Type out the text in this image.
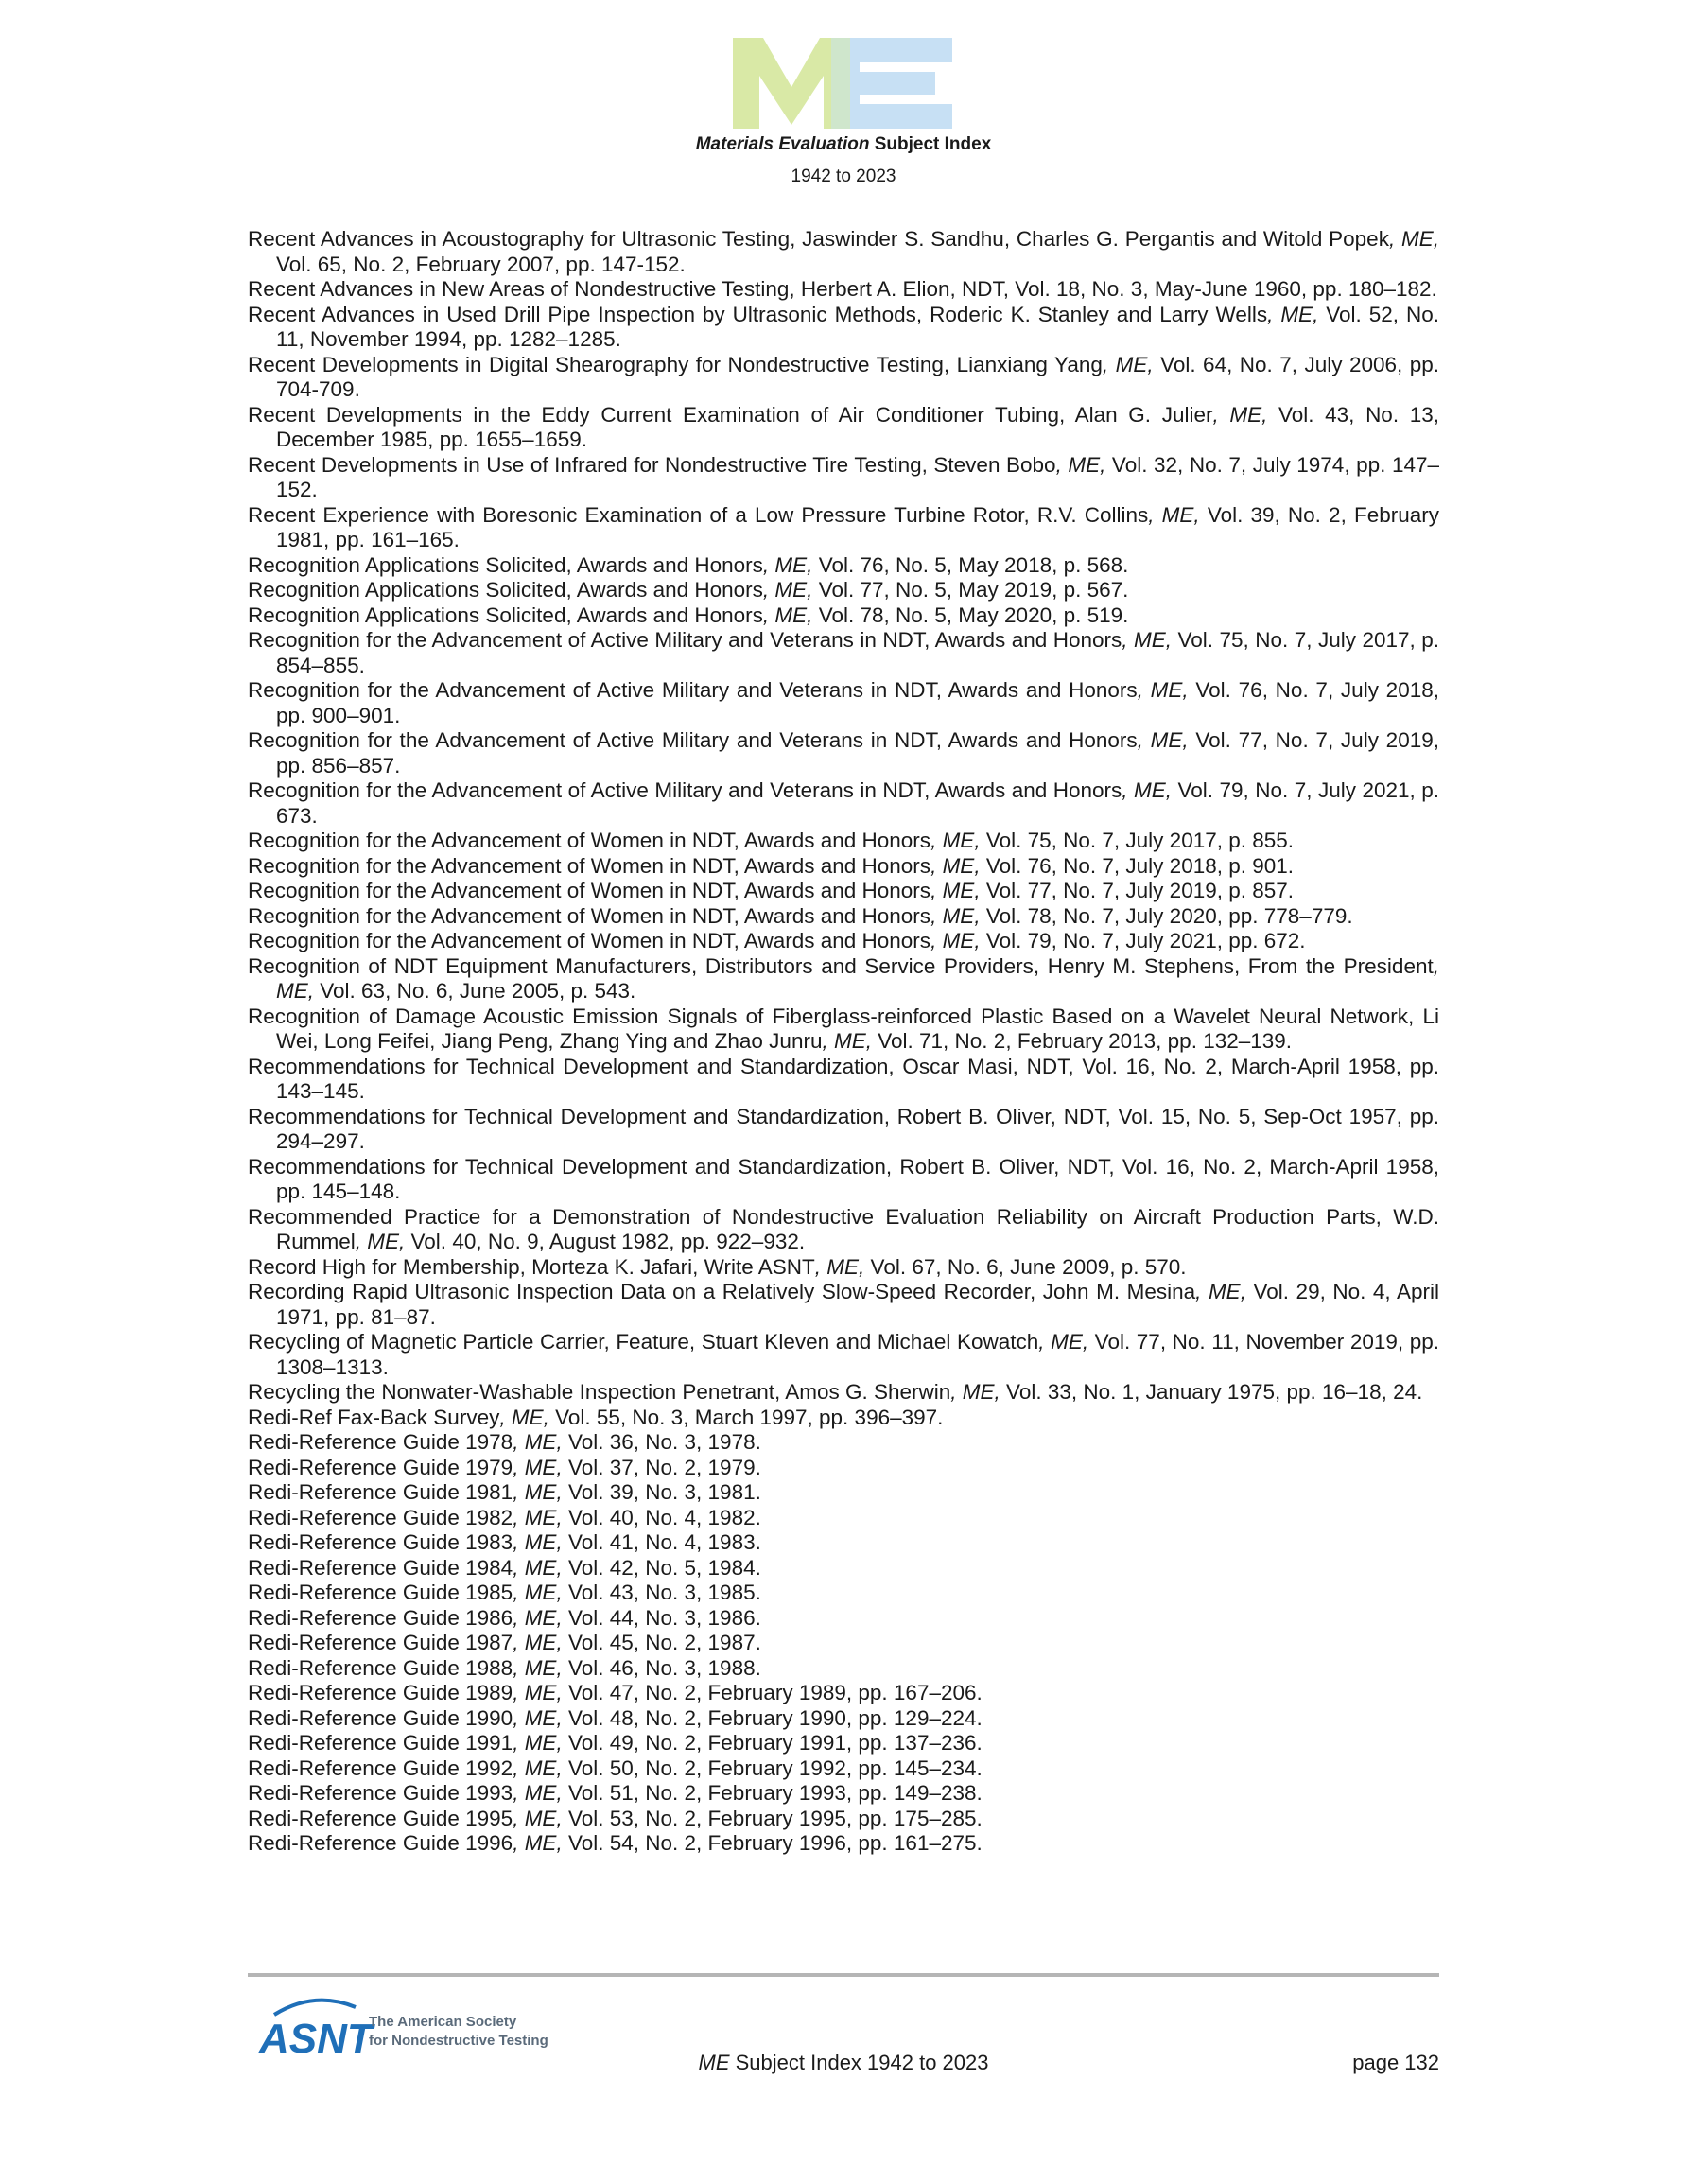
Materials Evaluation Subject Index
1942 to 2023
Recent Advances in Acoustography for Ultrasonic Testing, Jaswinder S. Sandhu, Charles G. Pergantis and Witold Popek, ME, Vol. 65, No. 2, February 2007, pp. 147-152.
Recent Advances in New Areas of Nondestructive Testing, Herbert A. Elion, NDT, Vol. 18, No. 3, May-June 1960, pp. 180–182.
Recent Advances in Used Drill Pipe Inspection by Ultrasonic Methods, Roderic K. Stanley and Larry Wells, ME, Vol. 52, No. 11, November 1994, pp. 1282–1285.
Recent Developments in Digital Shearography for Nondestructive Testing, Lianxiang Yang, ME, Vol. 64, No. 7, July 2006, pp. 704-709.
Recent Developments in the Eddy Current Examination of Air Conditioner Tubing, Alan G. Julier, ME, Vol. 43, No. 13, December 1985, pp. 1655–1659.
Recent Developments in Use of Infrared for Nondestructive Tire Testing, Steven Bobo, ME, Vol. 32, No. 7, July 1974, pp. 147–152.
Recent Experience with Boresonic Examination of a Low Pressure Turbine Rotor, R.V. Collins, ME, Vol. 39, No. 2, February 1981, pp. 161–165.
Recognition Applications Solicited, Awards and Honors, ME, Vol. 76, No. 5, May 2018, p. 568.
Recognition Applications Solicited, Awards and Honors, ME, Vol. 77, No. 5, May 2019, p. 567.
Recognition Applications Solicited, Awards and Honors, ME, Vol. 78, No. 5, May 2020, p. 519.
Recognition for the Advancement of Active Military and Veterans in NDT, Awards and Honors, ME, Vol. 75, No. 7, July 2017, p. 854–855.
Recognition for the Advancement of Active Military and Veterans in NDT, Awards and Honors, ME, Vol. 76, No. 7, July 2018, pp. 900–901.
Recognition for the Advancement of Active Military and Veterans in NDT, Awards and Honors, ME, Vol. 77, No. 7, July 2019, pp. 856–857.
Recognition for the Advancement of Active Military and Veterans in NDT, Awards and Honors, ME, Vol. 79, No. 7, July 2021, p. 673.
Recognition for the Advancement of Women in NDT, Awards and Honors, ME, Vol. 75, No. 7, July 2017, p. 855.
Recognition for the Advancement of Women in NDT, Awards and Honors, ME, Vol. 76, No. 7, July 2018, p. 901.
Recognition for the Advancement of Women in NDT, Awards and Honors, ME, Vol. 77, No. 7, July 2019, p. 857.
Recognition for the Advancement of Women in NDT, Awards and Honors, ME, Vol. 78, No. 7, July 2020, pp. 778–779.
Recognition for the Advancement of Women in NDT, Awards and Honors, ME, Vol. 79, No. 7, July 2021, pp. 672.
Recognition of NDT Equipment Manufacturers, Distributors and Service Providers, Henry M. Stephens, From the President, ME, Vol. 63, No. 6, June 2005, p. 543.
Recognition of Damage Acoustic Emission Signals of Fiberglass-reinforced Plastic Based on a Wavelet Neural Network, Li Wei, Long Feifei, Jiang Peng, Zhang Ying and Zhao Junru, ME, Vol. 71, No. 2, February 2013, pp. 132–139.
Recommendations for Technical Development and Standardization, Oscar Masi, NDT, Vol. 16, No. 2, March-April 1958, pp. 143–145.
Recommendations for Technical Development and Standardization, Robert B. Oliver, NDT, Vol. 15, No. 5, Sep-Oct 1957, pp. 294–297.
Recommendations for Technical Development and Standardization, Robert B. Oliver, NDT, Vol. 16, No. 2, March-April 1958, pp. 145–148.
Recommended Practice for a Demonstration of Nondestructive Evaluation Reliability on Aircraft Production Parts, W.D. Rummel, ME, Vol. 40, No. 9, August 1982, pp. 922–932.
Record High for Membership, Morteza K. Jafari, Write ASNT, ME, Vol. 67, No. 6, June 2009, p. 570.
Recording Rapid Ultrasonic Inspection Data on a Relatively Slow-Speed Recorder, John M. Mesina, ME, Vol. 29, No. 4, April 1971, pp. 81–87.
Recycling of Magnetic Particle Carrier, Feature, Stuart Kleven and Michael Kowatch, ME, Vol. 77, No. 11, November 2019, pp. 1308–1313.
Recycling the Nonwater-Washable Inspection Penetrant, Amos G. Sherwin, ME, Vol. 33, No. 1, January 1975, pp. 16–18, 24.
Redi-Ref Fax-Back Survey, ME, Vol. 55, No. 3, March 1997, pp. 396–397.
Redi-Reference Guide 1978, ME, Vol. 36, No. 3, 1978.
Redi-Reference Guide 1979, ME, Vol. 37, No. 2, 1979.
Redi-Reference Guide 1981, ME, Vol. 39, No. 3, 1981.
Redi-Reference Guide 1982, ME, Vol. 40, No. 4, 1982.
Redi-Reference Guide 1983, ME, Vol. 41, No. 4, 1983.
Redi-Reference Guide 1984, ME, Vol. 42, No. 5, 1984.
Redi-Reference Guide 1985, ME, Vol. 43, No. 3, 1985.
Redi-Reference Guide 1986, ME, Vol. 44, No. 3, 1986.
Redi-Reference Guide 1987, ME, Vol. 45, No. 2, 1987.
Redi-Reference Guide 1988, ME, Vol. 46, No. 3, 1988.
Redi-Reference Guide 1989, ME, Vol. 47, No. 2, February 1989, pp. 167–206.
Redi-Reference Guide 1990, ME, Vol. 48, No. 2, February 1990, pp. 129–224.
Redi-Reference Guide 1991, ME, Vol. 49, No. 2, February 1991, pp. 137–236.
Redi-Reference Guide 1992, ME, Vol. 50, No. 2, February 1992, pp. 145–234.
Redi-Reference Guide 1993, ME, Vol. 51, No. 2, February 1993, pp. 149–238.
Redi-Reference Guide 1995, ME, Vol. 53, No. 2, February 1995, pp. 175–285.
Redi-Reference Guide 1996, ME, Vol. 54, No. 2, February 1996, pp. 161–275.
ASNT
The American Society
for Nondestructive Testing
ME Subject Index 1942 to 2023	page 132
